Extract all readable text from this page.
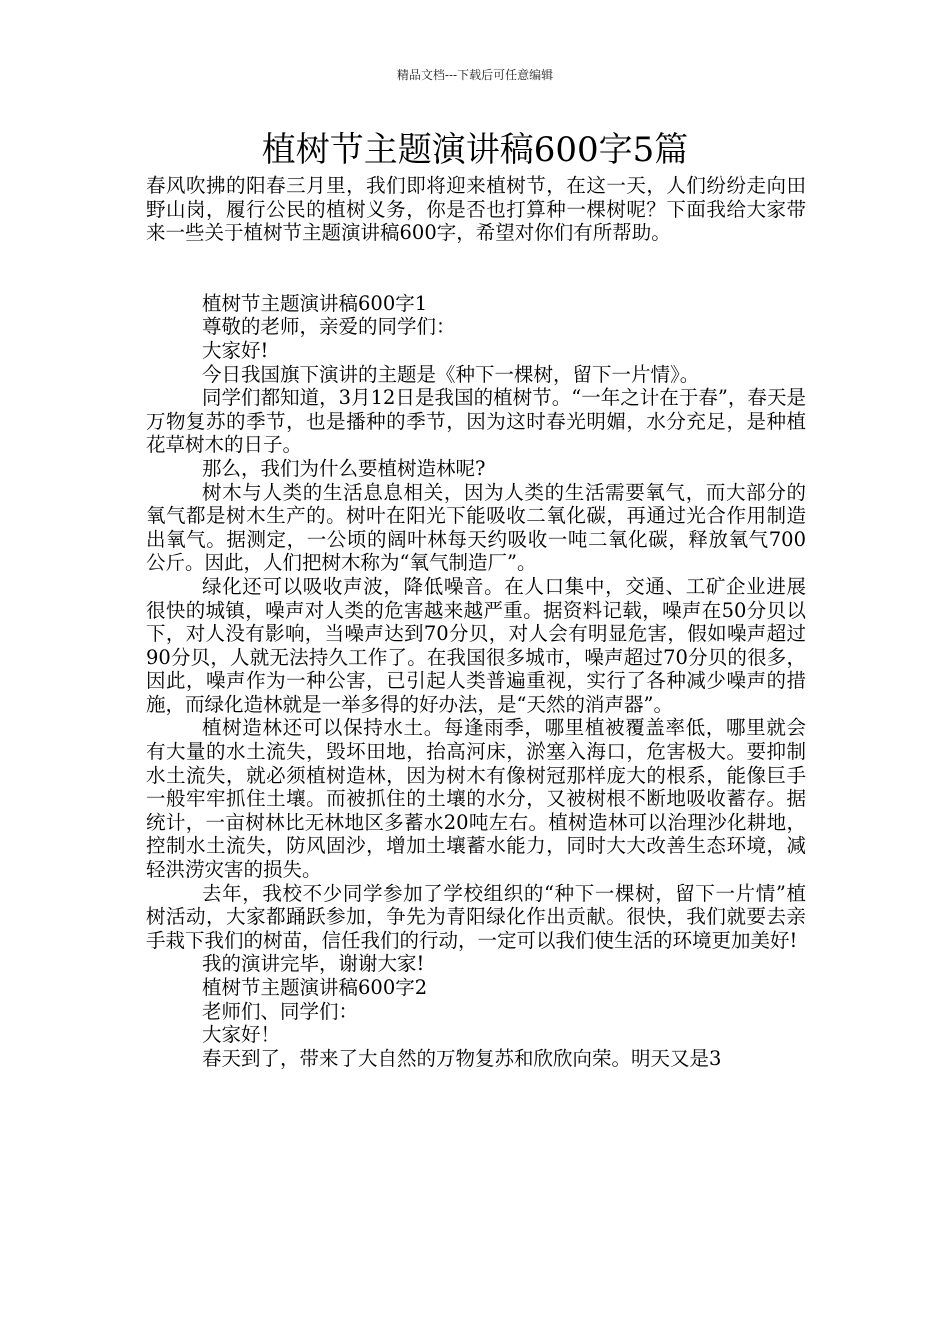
精品文档---下载后可任意编辑
植树节主题演讲稿600字5篇

春风吹拂的阳春三月里，我们即将迎来植树节，在这一天，人们纷纷走向田野山岗，履行公民的植树义务，你是否也打算种一棵树呢？下面我给大家带来一些关于植树节主题演讲稿600字，希望对你们有所帮助。

植树节主题演讲稿600字1

尊敬的老师，亲爱的同学们：

大家好!

今日我国旗下演讲的主题是《种下一棵树，留下一片情》。

同学们都知道，3月12日是我国的植树节。“一年之计在于春”，春天是万物复苏的季节，也是播种的季节，因为这时春光明媚，水分充足，是种植花草树木的日子。

那么，我们为什么要植树造林呢?

树木与人类的生活息息相关，因为人类的生活需要氧气，而大部分的氧气都是树木生产的。树叶在阳光下能吸收二氧化碳，再通过光合作用制造出氧气。据测定，一公顷的阔叶林每天约吸收一吨二氧化碳，释放氧气700公斤。因此，人们把树木称为“氧气制造厂”。

绿化还可以吸收声波，降低噪音。在人口集中，交通、工矿企业进展很快的城镇，噪声对人类的危害越来越严重。据资料记载，噪声在50分贝以下，对人没有影响，当噪声达到70分贝，对人会有明显危害，假如噪声超过90分贝，人就无法持久工作了。在我国很多城市，噪声超过70分贝的很多，因此，噪声作为一种公害，已引起人类普遍重视，实行了各种减少噪声的措施，而绿化造林就是一举多得的好办法，是“天然的消声器”。

植树造林还可以保持水土。每逢雨季，哪里植被覆盖率低，哪里就会有大量的水土流失，毁坏田地，抬高河床，淤塞入海口，危害极大。要抑制水土流失，就必须植树造林，因为树木有像树冠那样庞大的根系，能像巨手一般牢牢抓住土壤。而被抓住的土壤的水分，又被树根不断地吸收蓄存。据统计，一亩树林比无林地区多蓄水20吨左右。植树造林可以治理沙化耕地，控制水土流失，防风固沙，增加土壤蓄水能力，同时大大改善生态环境，减轻洪涝灾害的损失。

去年，我校不少同学参加了学校组织的“种下一棵树，留下一片情”植树活动，大家都踊跃参加，争先为青阳绿化作出贡献。很快，我们就要去亲手栽下我们的树苗，信任我们的行动，一定可以我们使生活的环境更加美好!

我的演讲完毕，谢谢大家!

植树节主题演讲稿600字2

老师们、同学们：

大家好！

春天到了，带来了大自然的万物复苏和欣欣向荣。明天又是3
